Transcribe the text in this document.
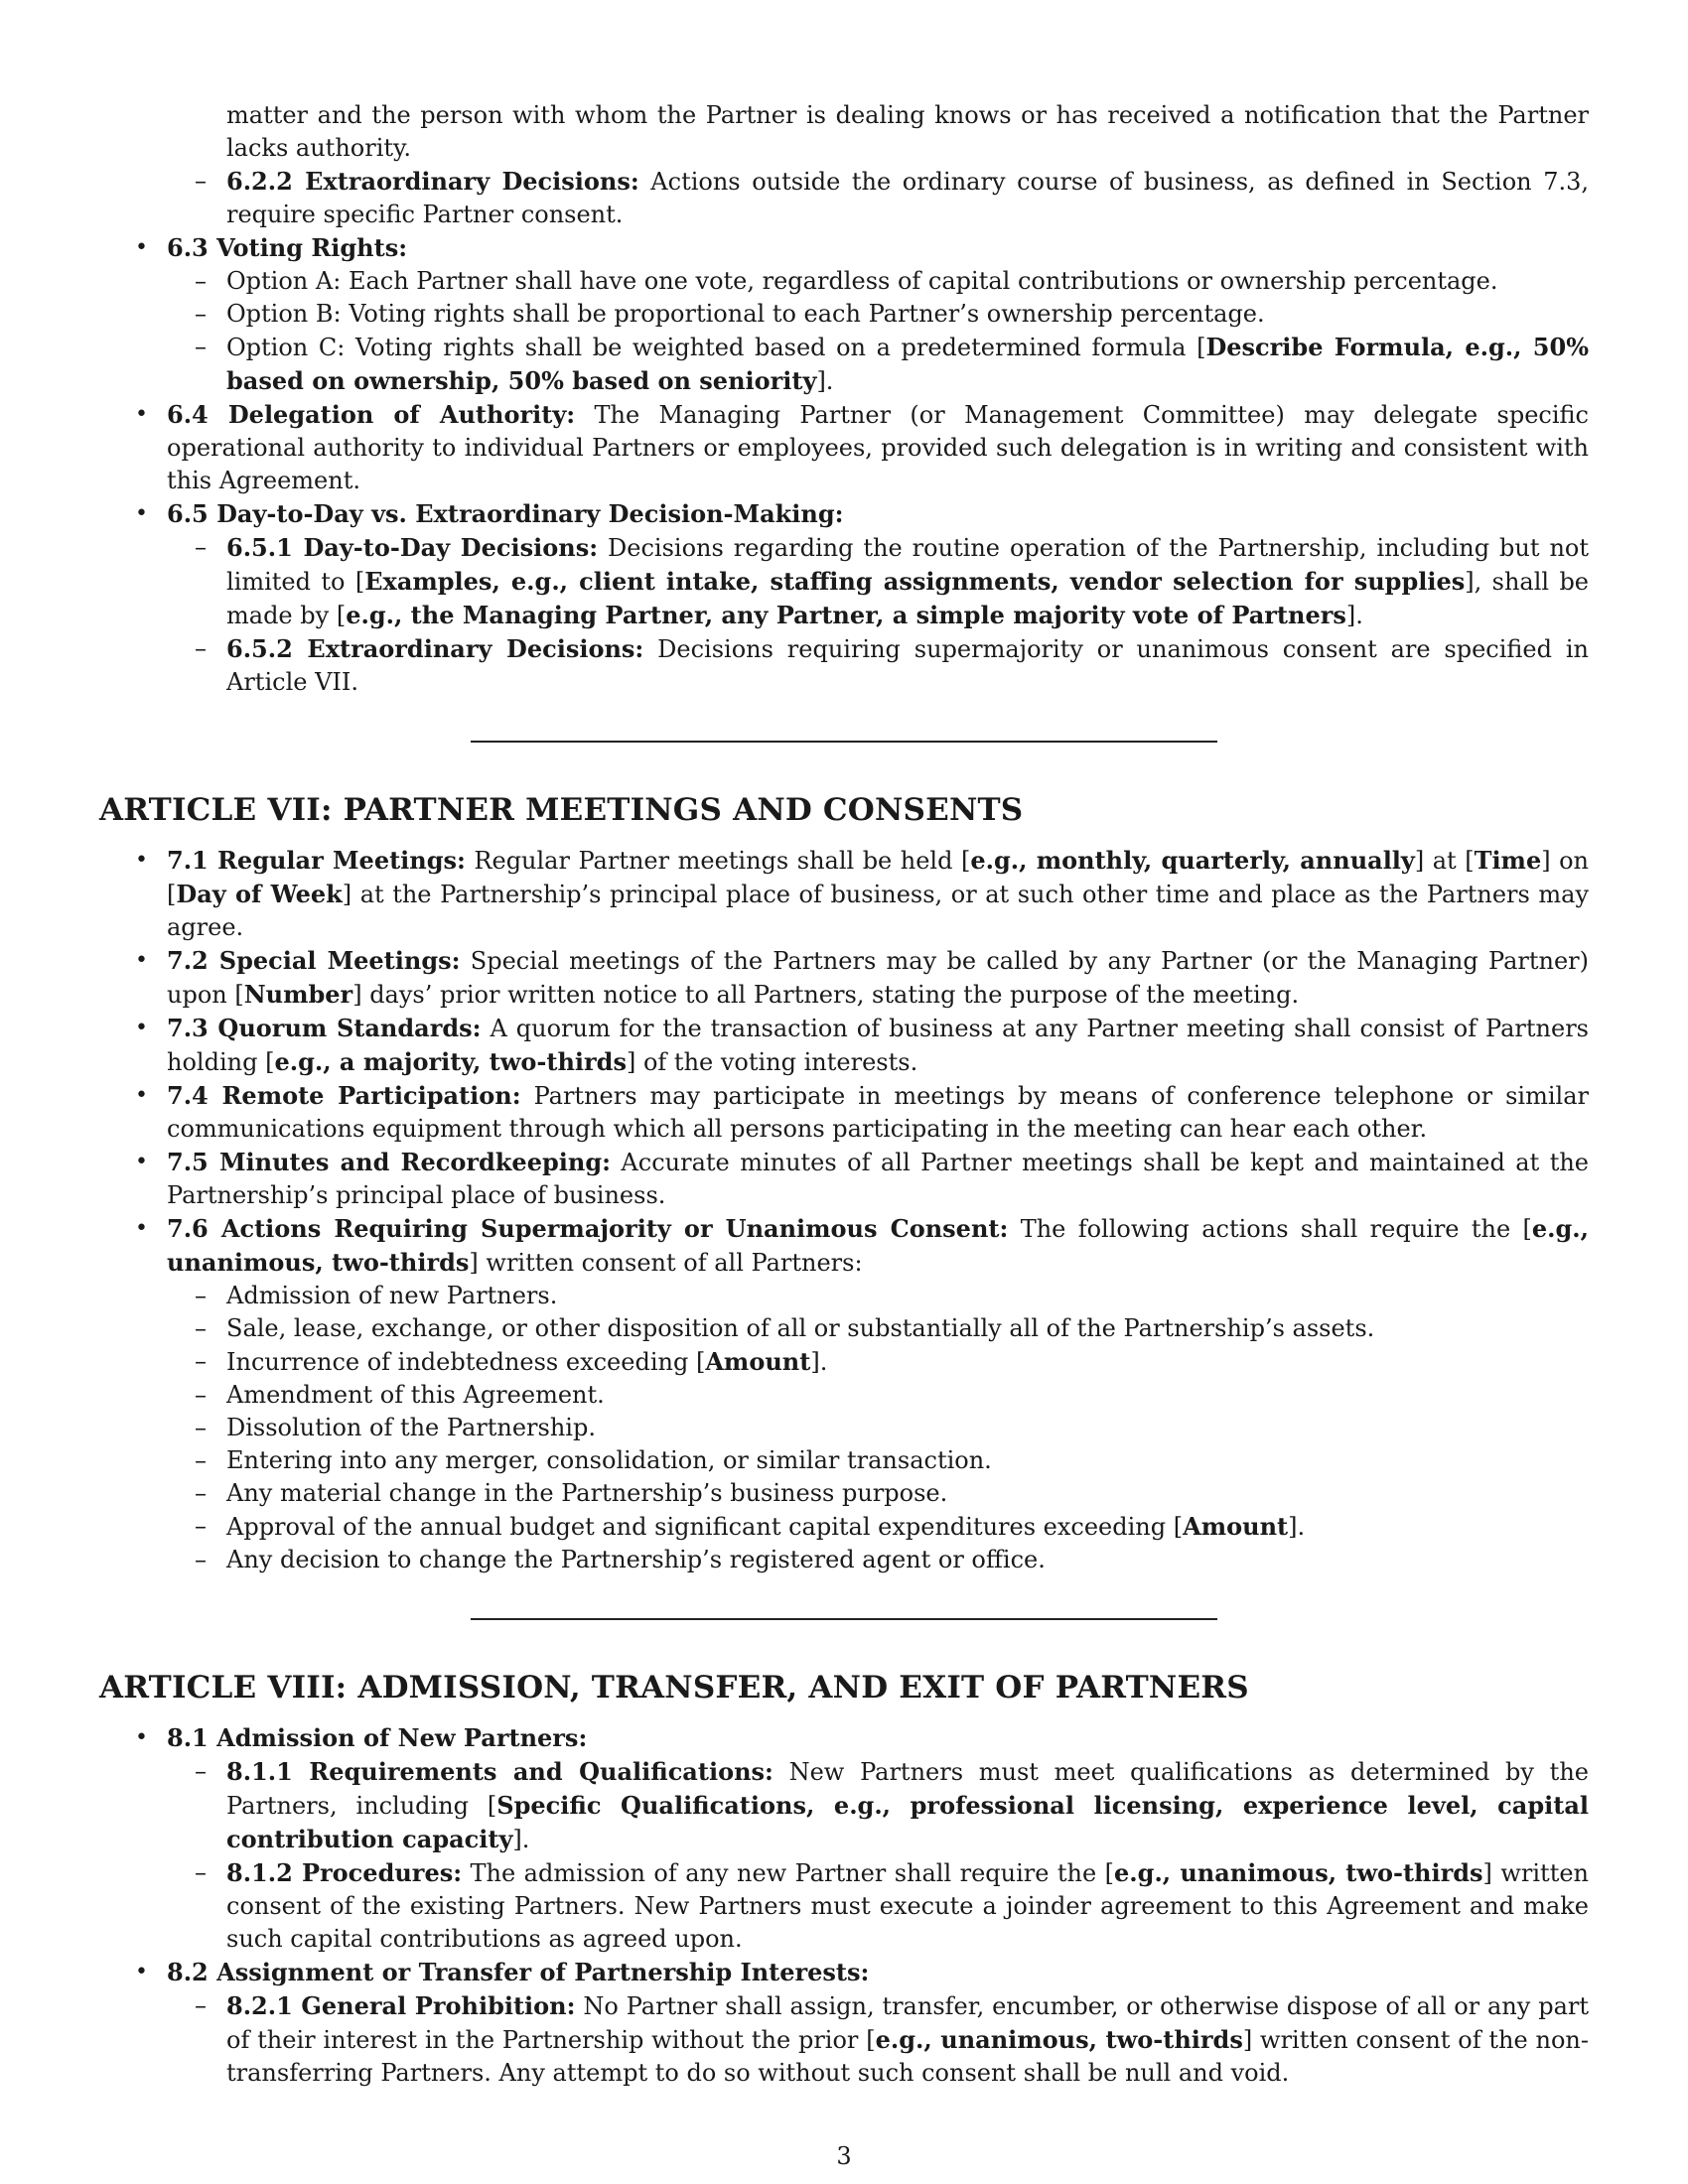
matter and the person with whom the Partner is dealing knows or has received a notification that the Partner lacks authority.
– 6.2.2 Extraordinary Decisions: Actions outside the ordinary course of business, as defined in Section 7.3, require specific Partner consent.
• 6.3 Voting Rights:
– Option A: Each Partner shall have one vote, regardless of capital contributions or ownership percentage.
– Option B: Voting rights shall be proportional to each Partner’s ownership percentage.
– Option C: Voting rights shall be weighted based on a predetermined formula [Describe Formula, e.g., 50% based on ownership, 50% based on seniority].
• 6.4 Delegation of Authority: The Managing Partner (or Management Committee) may delegate specific operational authority to individual Partners or employees, provided such delegation is in writing and consistent with this Agreement.
• 6.5 Day-to-Day vs. Extraordinary Decision-Making:
– 6.5.1 Day-to-Day Decisions: Decisions regarding the routine operation of the Partnership, including but not limited to [Examples, e.g., client intake, staffing assignments, vendor selection for supplies], shall be made by [e.g., the Managing Partner, any Partner, a simple majority vote of Partners].
– 6.5.2 Extraordinary Decisions: Decisions requiring supermajority or unanimous consent are specified in Article VII.
ARTICLE VII: PARTNER MEETINGS AND CONSENTS
• 7.1 Regular Meetings: Regular Partner meetings shall be held [e.g., monthly, quarterly, annually] at [Time] on [Day of Week] at the Partnership’s principal place of business, or at such other time and place as the Partners may agree.
• 7.2 Special Meetings: Special meetings of the Partners may be called by any Partner (or the Managing Partner) upon [Number] days’ prior written notice to all Partners, stating the purpose of the meeting.
• 7.3 Quorum Standards: A quorum for the transaction of business at any Partner meeting shall consist of Partners holding [e.g., a majority, two-thirds] of the voting interests.
• 7.4 Remote Participation: Partners may participate in meetings by means of conference telephone or similar communications equipment through which all persons participating in the meeting can hear each other.
• 7.5 Minutes and Recordkeeping: Accurate minutes of all Partner meetings shall be kept and maintained at the Partnership’s principal place of business.
• 7.6 Actions Requiring Supermajority or Unanimous Consent: The following actions shall require the [e.g., unanimous, two-thirds] written consent of all Partners:
– Admission of new Partners.
– Sale, lease, exchange, or other disposition of all or substantially all of the Partnership’s assets.
– Incurrence of indebtedness exceeding [Amount].
– Amendment of this Agreement.
– Dissolution of the Partnership.
– Entering into any merger, consolidation, or similar transaction.
– Any material change in the Partnership’s business purpose.
– Approval of the annual budget and significant capital expenditures exceeding [Amount].
– Any decision to change the Partnership’s registered agent or office.
ARTICLE VIII: ADMISSION, TRANSFER, AND EXIT OF PARTNERS
• 8.1 Admission of New Partners:
– 8.1.1 Requirements and Qualifications: New Partners must meet qualifications as determined by the Partners, including [Specific Qualifications, e.g., professional licensing, experience level, capital contribution capacity].
– 8.1.2 Procedures: The admission of any new Partner shall require the [e.g., unanimous, two-thirds] written consent of the existing Partners. New Partners must execute a joinder agreement to this Agreement and make such capital contributions as agreed upon.
• 8.2 Assignment or Transfer of Partnership Interests:
– 8.2.1 General Prohibition: No Partner shall assign, transfer, encumber, or otherwise dispose of all or any part of their interest in the Partnership without the prior [e.g., unanimous, two-thirds] written consent of the non-transferring Partners. Any attempt to do so without such consent shall be null and void.
3
